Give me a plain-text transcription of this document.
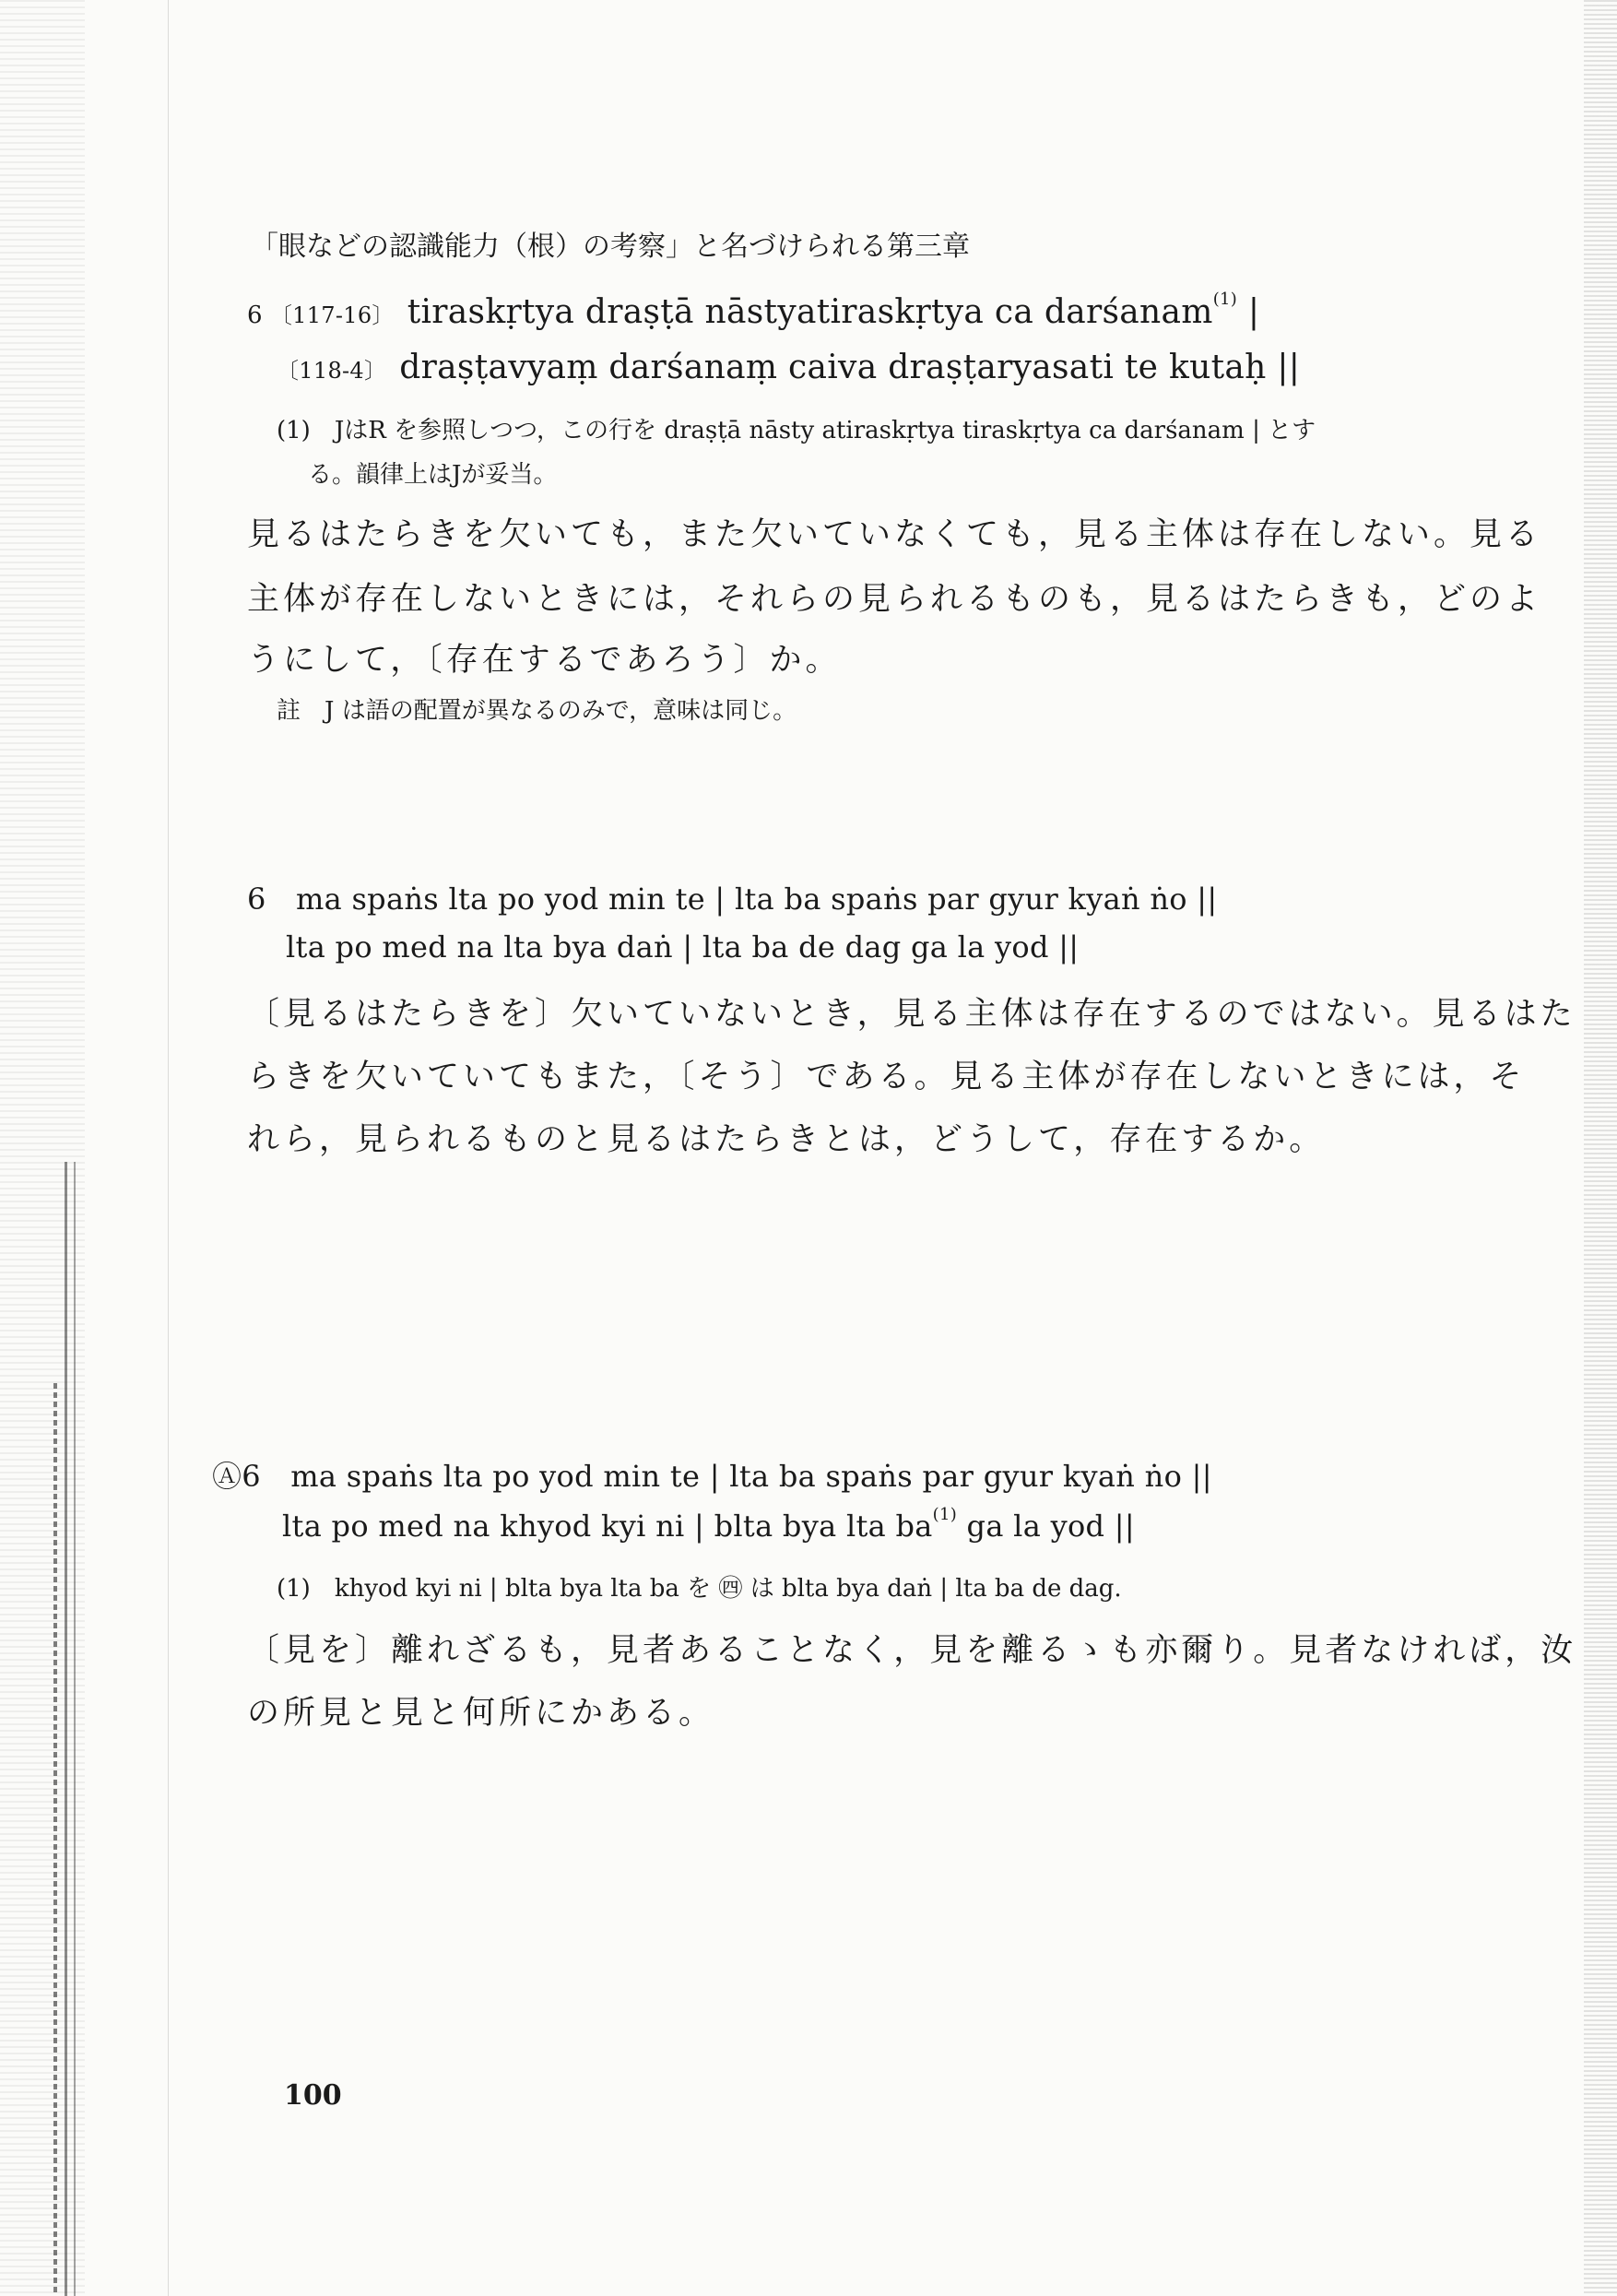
「眼などの認識能力（根）の考察」と名づけられる第三章
6 〔117-16〕 tiraskṛtya draṣṭā nāstyatiraskṛtya ca darśanam$^{(1)}$ |
〔118-4〕 draṣṭavyaṃ darśanaṃ caiva draṣṭaryasati te kutaḥ ||
(1)　JはR を参照しつつ，この行を draṣṭā nāsty atiraskṛtya tiraskṛtya ca darśanam | とす
る。韻律上はJが妥当。
見るはたらきを欠いても，また欠いていなくても，見る主体は存在しない。見る
主体が存在しないときには，それらの見られるものも，見るはたらきも，どのよ
うにして，〔存在するであろう〕か。
註　J は語の配置が異なるのみで，意味は同じ。
6　ma spaṅs lta po yod min te | lta ba spaṅs par gyur kyaṅ ṅo ||
lta po med na lta bya daṅ | lta ba de dag ga la yod ||
〔見るはたらきを〕欠いていないとき，見る主体は存在するのではない。見るはた
らきを欠いていてもまた，〔そう〕である。見る主体が存在しないときには，そ
れら，見られるものと見るはたらきとは，どうして，存在するか。
Ⓐ6　 ma spaṅs lta po yod min te | lta ba spaṅs par gyur kyaṅ ṅo ||
lta po med na khyod kyi ni | blta bya lta $ba^{(1)}$ ga la yod ||
(1)　khyod kyi ni | blta bya lta ba を ㊃ は blta bya daṅ | lta ba de dag.
〔見を〕離れざるも，見者あることなく，見を離るゝも亦爾り。見者なければ，汝
の所見と見と何所にかある。
100
